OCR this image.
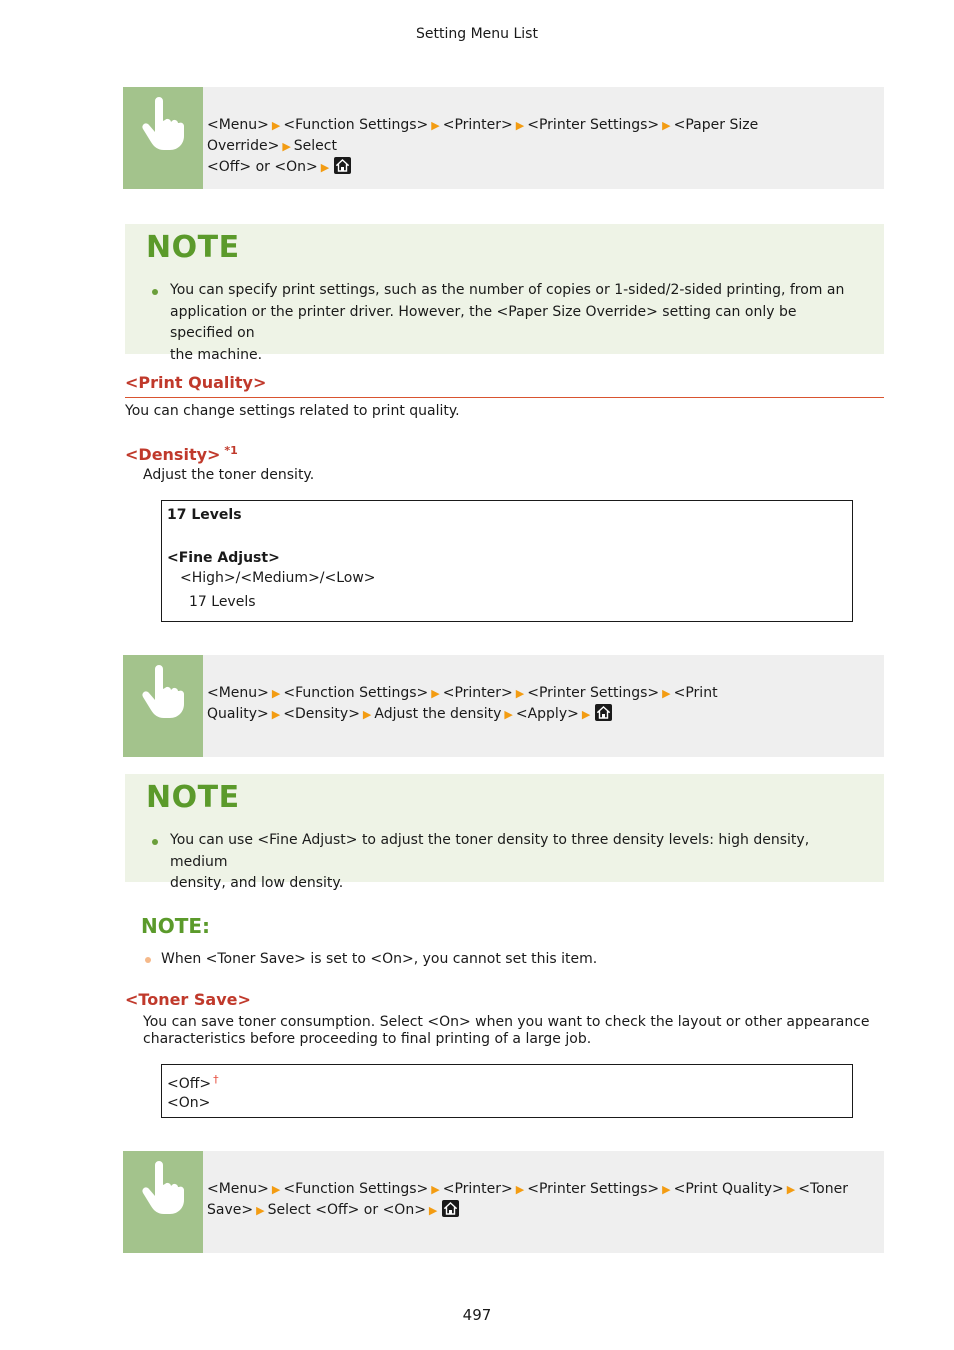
Setting Menu List
<Menu> ▶ <Function Settings> ▶ <Printer> ▶ <Printer Settings> ▶ <Paper Size Override> ▶ Select
<Off> or <On> ▶
NOTE
You can specify print settings, such as the number of copies or 1-sided/2-sided printing, from an
application or the printer driver. However, the <Paper Size Override> setting can only be specified on
the machine.
<Print Quality>
You can change settings related to print quality.
<Density> $^{*1}$
Adjust the toner density.
17 Levels
<Fine Adjust>
<High>/<Medium>/<Low>
17 Levels
<Menu> ▶ <Function Settings> ▶ <Printer> ▶ <Printer Settings> ▶ <Print
Quality> ▶ <Density> ▶ Adjust the density ▶ <Apply> ▶
NOTE
You can use <Fine Adjust> to adjust the toner density to three density levels: high density, medium
density, and low density.
NOTE:
When <Toner Save> is set to <On>, you cannot set this item.
<Toner Save>
You can save toner consumption. Select <On> when you want to check the layout or other appearance
characteristics before proceeding to final printing of a large job.
<Off> †
<On>
<Menu> ▶ <Function Settings> ▶ <Printer> ▶ <Printer Settings> ▶ <Print Quality> ▶ <Toner
Save> ▶ Select <Off> or <On> ▶
497
